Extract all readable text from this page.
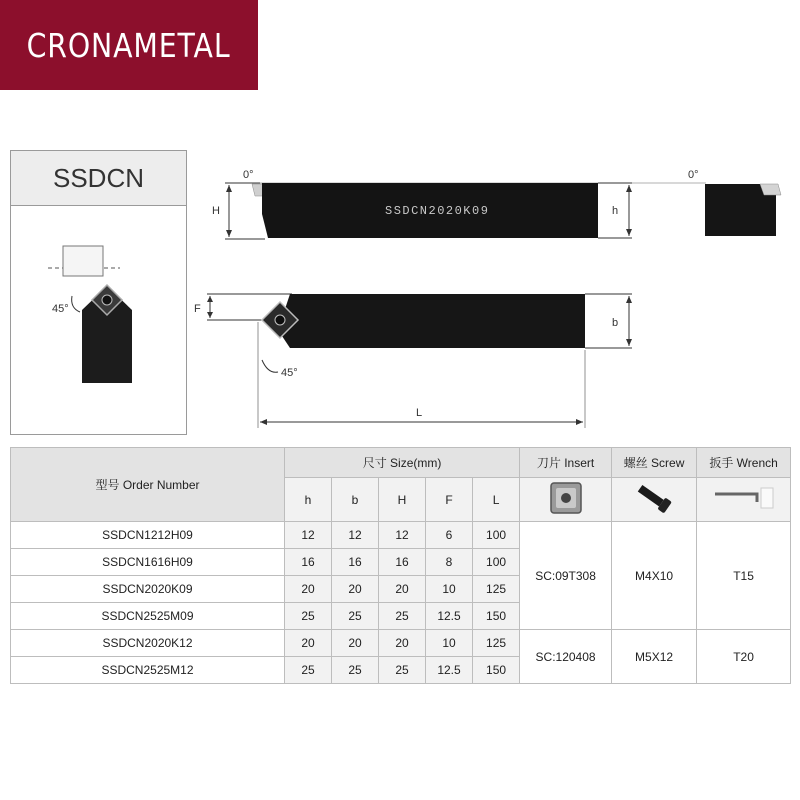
CRONAMETAL
SSDCN
45°
H
0°
SSDCN2020K09	h
0°
F
45°
b
L
型号 Order Number	尺寸 Size(mm)					刀片 Insert	螺丝 Screw	扳手 Wrench
	h	b	H	F	L			
SSDCN1212H09	12	12	12	6	100	SC:09T308	M4X10	T15
SSDCN1616H09	16	16	16	8	100			
SSDCN2020K09	20	20	20	10	125			
SSDCN2525M09	25	25	25	12.5	150			
SSDCN2020K12	20	20	20	10	125	SC:120408	M5X12	T20
SSDCN2525M12	25	25	25	12.5	150			
